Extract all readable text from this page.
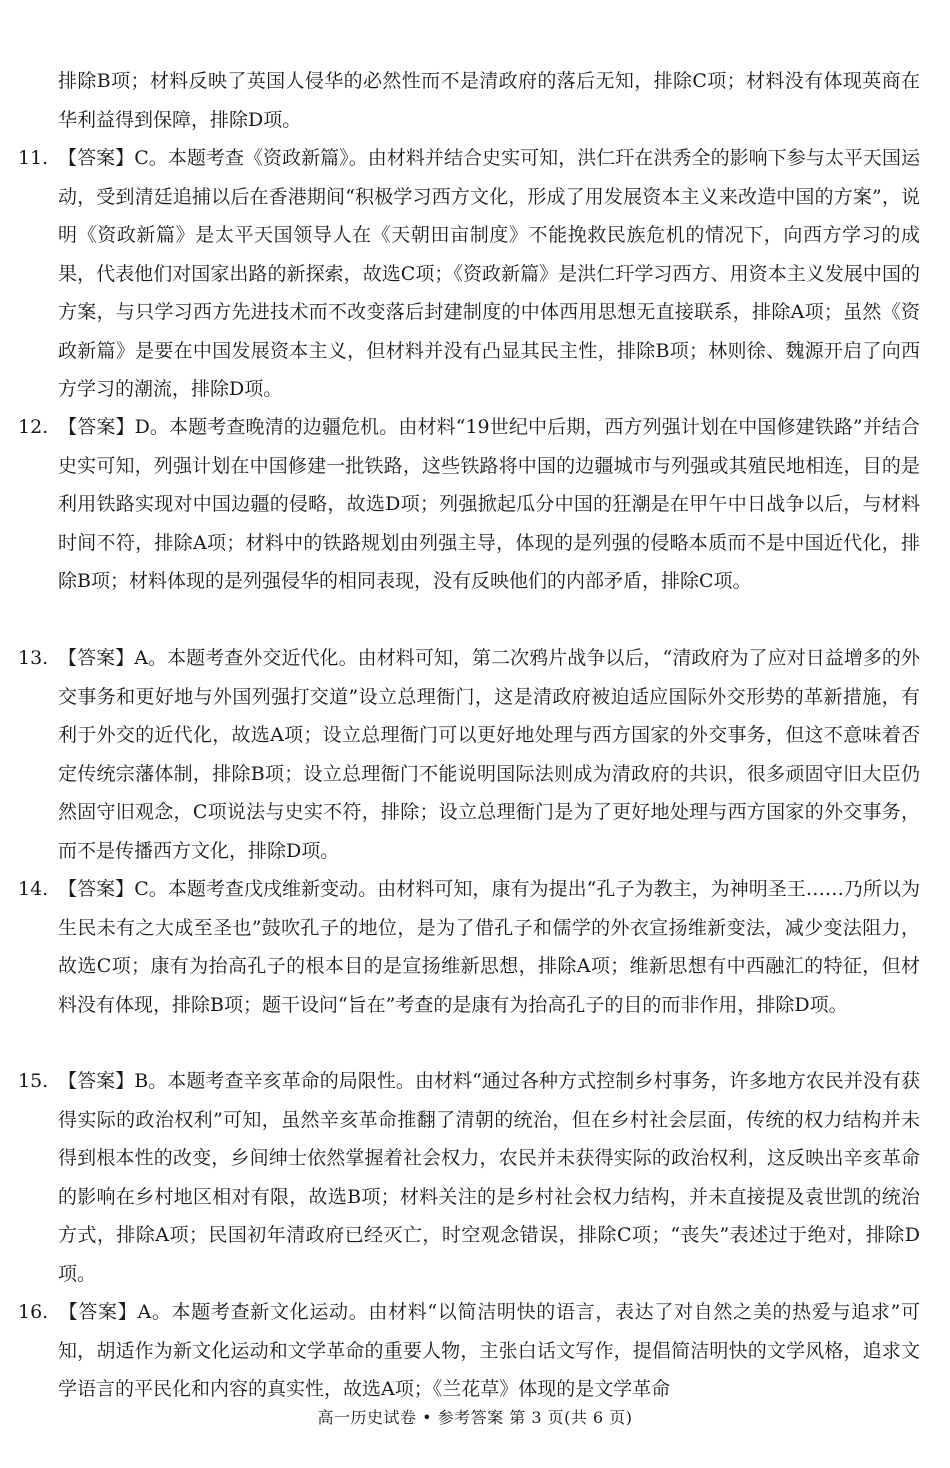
排除B项；材料反映了英国人侵华的必然性而不是清政府的落后无知，排除C项；材料没有体现英商在华利益得到保障，排除D项。
11. 【答案】C。本题考查《资政新篇》。由材料并结合史实可知，洪仁玕在洪秀全的影响下参与太平天国运动，受到清廷追捕以后在香港期间“积极学习西方文化，形成了用发展资本主义来改造中国的方案”，说明《资政新篇》是太平天国领导人在《天朝田亩制度》不能挽救民族危机的情况下，向西方学习的成果，代表他们对国家出路的新探索，故选C项；《资政新篇》是洪仁玕学习西方、用资本主义发展中国的方案，与只学习西方先进技术而不改变落后封建制度的中体西用思想无直接联系，排除A项；虽然《资政新篇》是要在中国发展资本主义，但材料并没有凸显其民主性，排除B项；林则徐、魏源开启了向西方学习的潮流，排除D项。
12. 【答案】D。本题考查晚清的边疆危机。由材料“19世纪中后期，西方列强计划在中国修建铁路”并结合史实可知，列强计划在中国修建一批铁路，这些铁路将中国的边疆城市与列强或其殖民地相连，目的是利用铁路实现对中国边疆的侵略，故选D项；列强掀起瓜分中国的狂潮是在甲午中日战争以后，与材料时间不符，排除A项；材料中的铁路规划由列强主导，体现的是列强的侵略本质而不是中国近代化，排除B项；材料体现的是列强侵华的相同表现，没有反映他们的内部矛盾，排除C项。
13. 【答案】A。本题考查外交近代化。由材料可知，第二次鸦片战争以后，“清政府为了应对日益增多的外交事务和更好地与外国列强打交道”设立总理衙门，这是清政府被迫适应国际外交形势的革新措施，有利于外交的近代化，故选A项；设立总理衙门可以更好地处理与西方国家的外交事务，但这不意味着否定传统宗藩体制，排除B项；设立总理衙门不能说明国际法则成为清政府的共识，很多顽固守旧大臣仍然固守旧观念，C项说法与史实不符，排除；设立总理衙门是为了更好地处理与西方国家的外交事务，而不是传播西方文化，排除D项。
14. 【答案】C。本题考查戊戌维新变动。由材料可知，康有为提出“孔子为教主，为神明圣王……乃所以为生民未有之大成至圣也”鼓吹孔子的地位，是为了借孔子和儒学的外衣宣扬维新变法，减少变法阻力，故选C项；康有为抬高孔子的根本目的是宣扬维新思想，排除A项；维新思想有中西融汇的特征，但材料没有体现，排除B项；题干设问“旨在”考查的是康有为抬高孔子的目的而非作用，排除D项。
15. 【答案】B。本题考查辛亥革命的局限性。由材料“通过各种方式控制乡村事务，许多地方农民并没有获得实际的政治权利”可知，虽然辛亥革命推翻了清朝的统治，但在乡村社会层面，传统的权力结构并未得到根本性的改变，乡间绅士依然掌握着社会权力，农民并未获得实际的政治权利，这反映出辛亥革命的影响在乡村地区相对有限，故选B项；材料关注的是乡村社会权力结构，并未直接提及袁世凯的统治方式，排除A项；民国初年清政府已经灭亡，时空观念错误，排除C项；“丧失”表述过于绝对，排除D项。
16. 【答案】A。本题考查新文化运动。由材料“以简洁明快的语言，表达了对自然之美的热爱与追求”可知，胡适作为新文化运动和文学革命的重要人物，主张白话文写作，提倡简洁明快的文学风格，追求文学语言的平民化和内容的真实性，故选A项；《兰花草》体现的是文学革命
高一历史试卷 • 参考答案 第 3 页(共 6 页)
